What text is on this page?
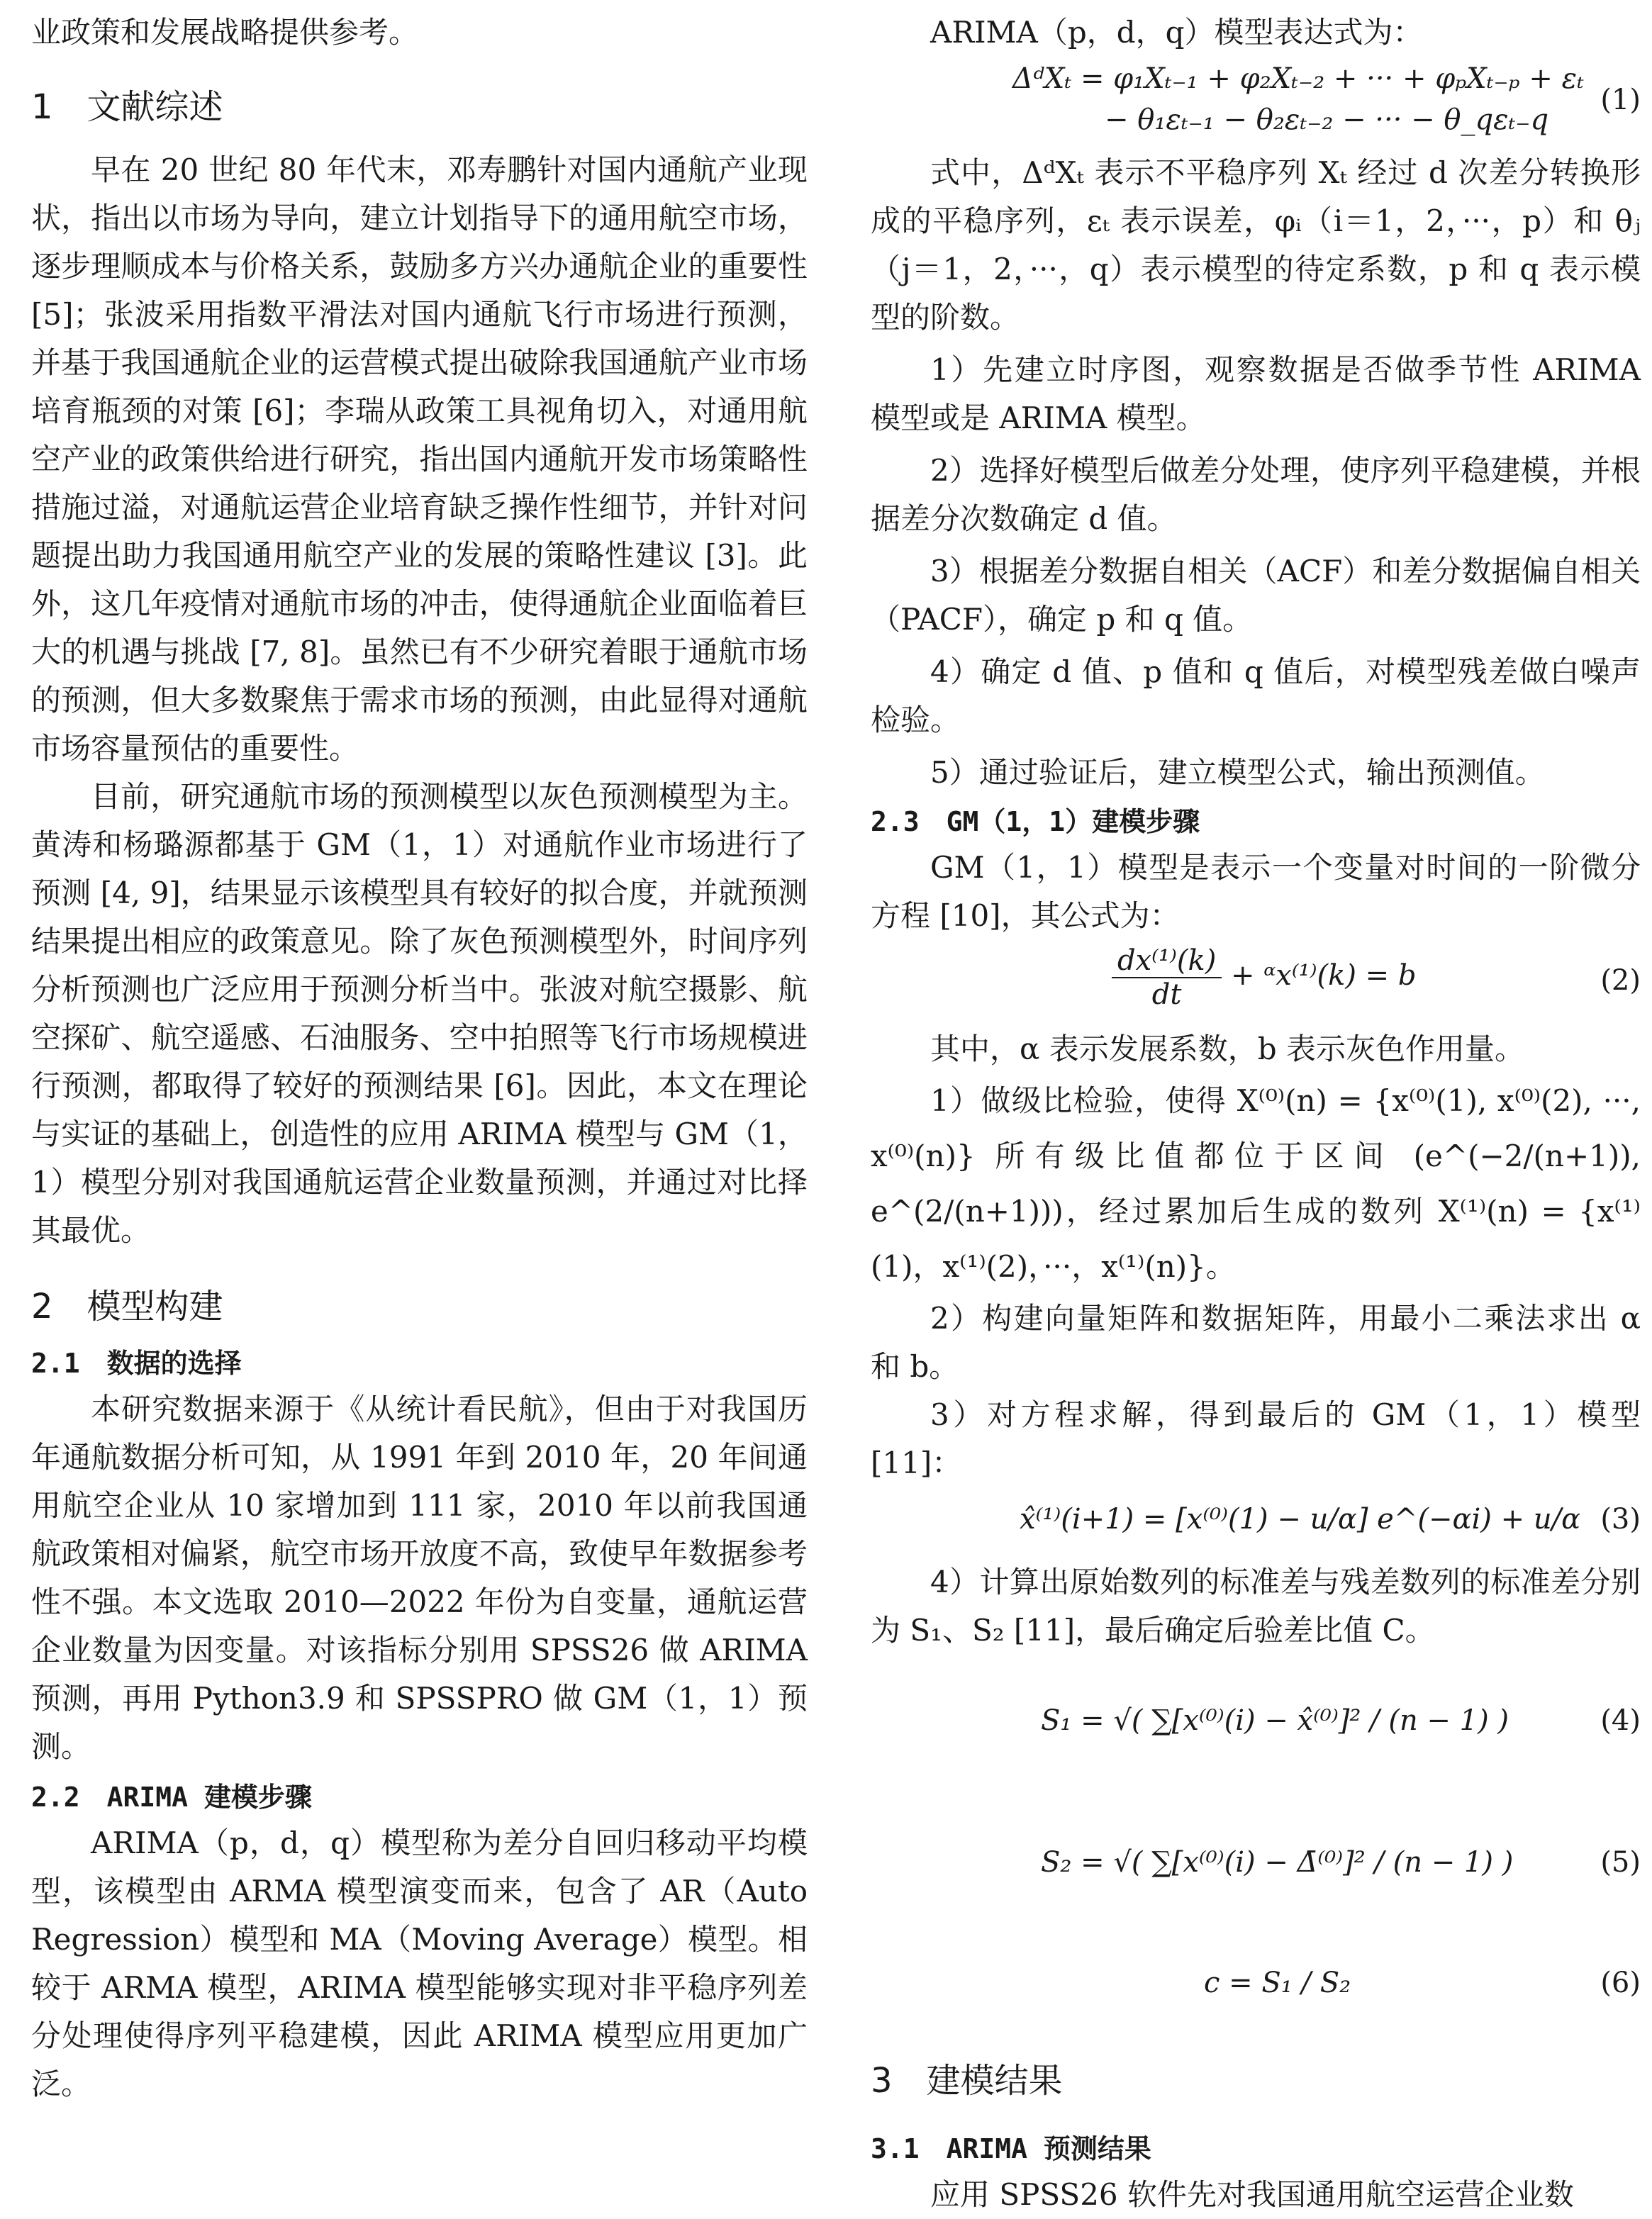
业政策和发展战略提供参考。

1　文献综述

早在 20 世纪 80 年代末，邓寿鹏针对国内通航产业现状，指出以市场为导向，建立计划指导下的通用航空市场，逐步理顺成本与价格关系，鼓励多方兴办通航企业的重要性 [5]；张波采用指数平滑法对国内通航飞行市场进行预测，并基于我国通航企业的运营模式提出破除我国通航产业市场培育瓶颈的对策 [6]；李瑞从政策工具视角切入，对通用航空产业的政策供给进行研究，指出国内通航开发市场策略性措施过溢，对通航运营企业培育缺乏操作性细节，并针对问题提出助力我国通用航空产业的发展的策略性建议 [3]。此外，这几年疫情对通航市场的冲击，使得通航企业面临着巨大的机遇与挑战 [7, 8]。虽然已有不少研究着眼于通航市场的预测，但大多数聚焦于需求市场的预测，由此显得对通航市场容量预估的重要性。

目前，研究通航市场的预测模型以灰色预测模型为主。黄涛和杨璐源都基于 GM（1，1）对通航作业市场进行了预测 [4, 9]，结果显示该模型具有较好的拟合度，并就预测结果提出相应的政策意见。除了灰色预测模型外，时间序列分析预测也广泛应用于预测分析当中。张波对航空摄影、航空探矿、航空遥感、石油服务、空中拍照等飞行市场规模进行预测，都取得了较好的预测结果 [6]。因此，本文在理论与实证的基础上，创造性的应用 ARIMA 模型与 GM（1，1）模型分别对我国通航运营企业数量预测，并通过对比择其最优。

2　模型构建
2.1　数据的选择

本研究数据来源于《从统计看民航》，但由于对我国历年通航数据分析可知，从 1991 年到 2010 年，20 年间通用航空企业从 10 家增加到 111 家，2010 年以前我国通航政策相对偏紧，航空市场开放度不高，致使早年数据参考性不强。本文选取 2010—2022 年份为自变量，通航运营企业数量为因变量。对该指标分别用 SPSS26 做 ARIMA 预测，再用 Python3.9 和 SPSSPRO 做 GM（1，1）预测。

2.2　ARIMA 建模步骤

ARIMA（p，d，q）模型称为差分自回归移动平均模型，该模型由 ARMA 模型演变而来，包含了 AR（Auto Regression）模型和 MA（Moving Average）模型。相较于 ARMA 模型，ARIMA 模型能够实现对非平稳序列差分处理使得序列平稳建模，因此 ARIMA 模型应用更加广泛。

ARIMA（p，d，q）模型表达式为：

ΔᵈXₜ = φ₁Xₜ₋₁ + φ₂Xₜ₋₂ + ··· + φₚXₜ₋ₚ + εₜ
− θ₁εₜ₋₁ − θ₂εₜ₋₂ − ··· − θ_qεₜ₋q
(1)

式中，ΔᵈXₜ 表示不平稳序列 Xₜ 经过 d 次差分转换形成的平稳序列，εₜ 表示误差，φᵢ（i＝1，2，···，p）和 θⱼ（j＝1，2，···，q）表示模型的待定系数，p 和 q 表示模型的阶数。

1）先建立时序图，观察数据是否做季节性 ARIMA 模型或是 ARIMA 模型。

2）选择好模型后做差分处理，使序列平稳建模，并根据差分次数确定 d 值。

3）根据差分数据自相关（ACF）和差分数据偏自相关（PACF），确定 p 和 q 值。

4）确定 d 值、p 值和 q 值后，对模型残差做白噪声检验。

5）通过验证后，建立模型公式，输出预测值。

2.3　GM（1，1）建模步骤

GM（1，1）模型是表示一个变量对时间的一阶微分方程 [10]，其公式为：

$\frac{\text{dx⁽¹⁾(k)}}{dt}$ + ᵅx⁽¹⁾(k) = b	(2)

其中，α 表示发展系数，b 表示灰色作用量。

1）做级比检验，使得 X⁽⁰⁾(n) = {x⁽⁰⁾(1), x⁽⁰⁾(2), ···, x⁽⁰⁾(n)} 所有级比值都位于区间 (e^(−2/(n+1)), e^(2/(n+1)))，经过累加后生成的数列 X⁽¹⁾(n) = {x⁽¹⁾(1)，x⁽¹⁾(2)，···，x⁽¹⁾(n)}。

2）构建向量矩阵和数据矩阵，用最小二乘法求出 α 和 b。

3）对方程求解，得到最后的 GM（1，1）模型 [11]：

x̂⁽¹⁾(i+1) = [x⁽⁰⁾(1) − u/α] e^(−αi) + u/α (3)

4）计算出原始数列的标准差与残差数列的标准差分别为 S₁、S₂ [11]，最后确定后验差比值 C。

S₁ = √( ∑[x⁽⁰⁾(i) − x̂⁽⁰⁾]² / (n − 1) )	(4)
S₂ = √( ∑[x⁽⁰⁾(i) − Δ̄⁽⁰⁾]² / (n − 1) )	(5)
c = S₁ / S₂	(6)
3　建模结果
3.1　ARIMA 预测结果

应用 SPSS26 软件先对我国通用航空运营企业数
